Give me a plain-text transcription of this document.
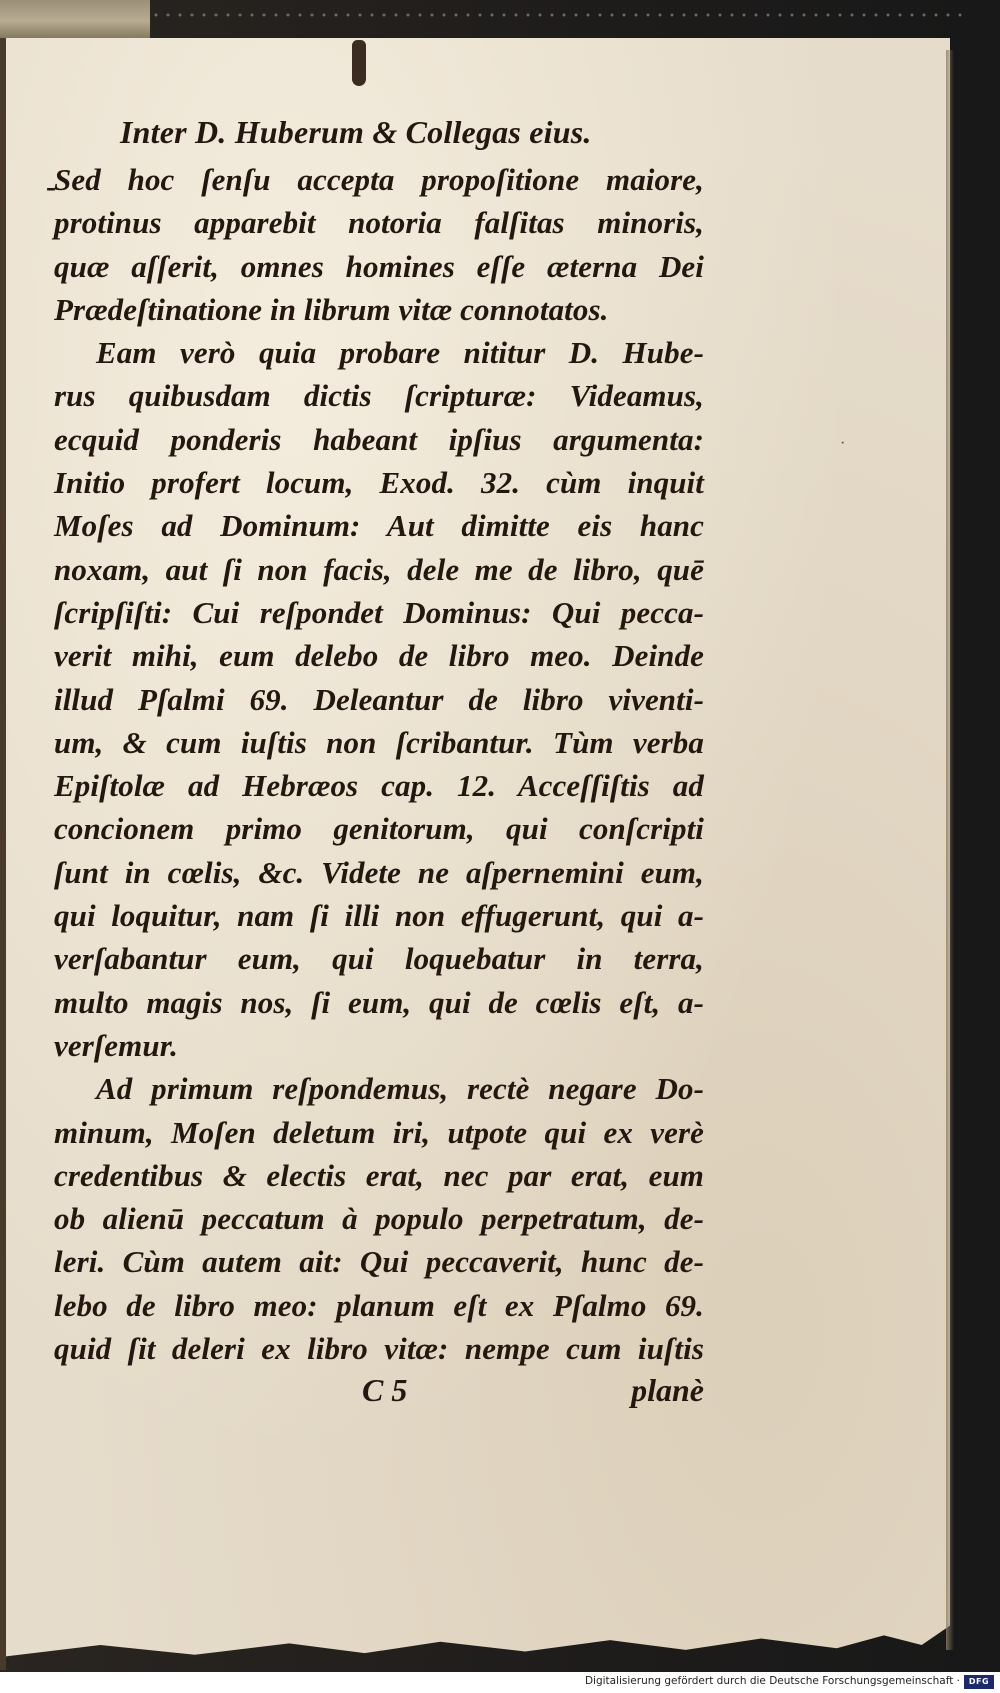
-
·
Inter D. Huberum & Collegas eius.
Sed hoc ſenſu accepta propoſitione maiore,
protinus apparebit notoria falſitas minoris,
quæ aſſerit, omnes homines eſſe æterna Dei
Prædeſtinatione in librum vitæ connotatos.
Eam verò quia probare nititur D. Hube-
rus quibusdam dictis ſcripturæ: Videamus,
ecquid ponderis habeant ipſius argumenta:
Initio profert locum, Exod. 32. cùm inquit
Moſes ad Dominum: Aut dimitte eis hanc
noxam, aut ſi non facis, dele me de libro, quē
ſcripſiſti: Cui reſpondet Dominus: Qui pecca-
verit mihi, eum delebo de libro meo. Deinde
illud Pſalmi 69. Deleantur de libro viventi-
um, & cum iuſtis non ſcribantur. Tùm verba
Epiſtolæ ad Hebræos cap. 12. Acceſſiſtis ad
concionem primo genitorum, qui conſcripti
ſunt in cœlis, &c. Videte ne aſpernemini eum,
qui loquitur, nam ſi illi non effugerunt, qui a-
verſabantur eum, qui loquebatur in terra,
multo magis nos, ſi eum, qui de cœlis eſt, a-
verſemur.
Ad primum reſpondemus, rectè negare Do-
minum, Moſen deletum iri, utpote qui ex verè
credentibus & electis erat, nec par erat, eum
ob alienū peccatum à populo perpetratum, de-
leri. Cùm autem ait: Qui peccaverit, hunc de-
lebo de libro meo: planum eſt ex Pſalmo 69.
quid ſit deleri ex libro vitæ: nempe cum iuſtis
C 5	planè
Digitalisierung gefördert durch die Deutsche Forschungsgemeinschaft ·	DFG
